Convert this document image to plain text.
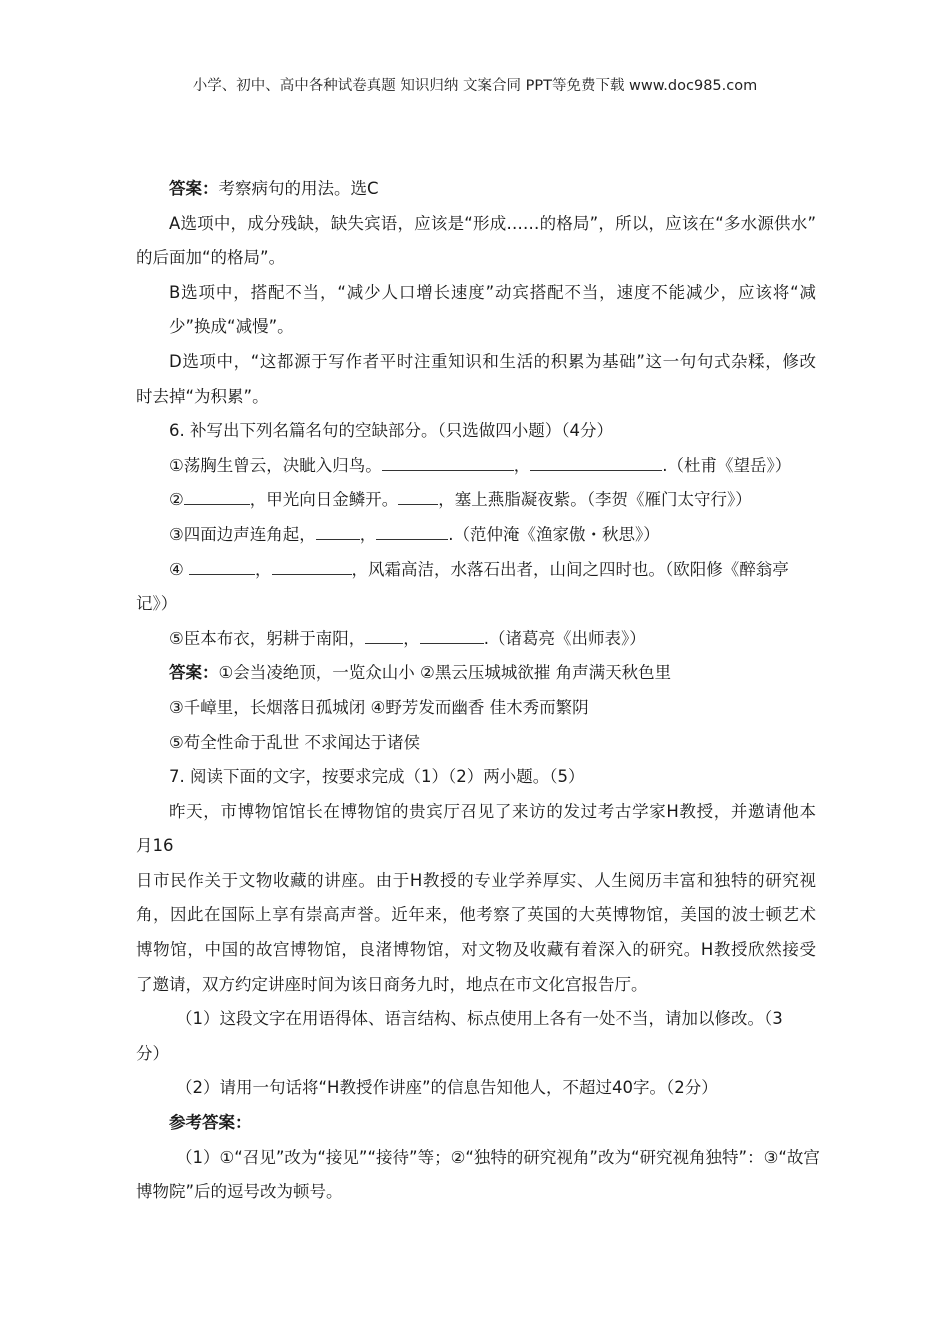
小学、初中、高中各种试卷真题 知识归纳 文案合同 PPT等免费下载 www.doc985.com
答案：考察病句的用法。选C
A选项中，成分残缺，缺失宾语，应该是“形成……的格局”，所以，应该在“多水源供水”
的后面加“的格局”。
B选项中，搭配不当，“减少人口增长速度”动宾搭配不当，速度不能减少，应该将“减
少”换成“减慢”。
D选项中，“这都源于写作者平时注重知识和生活的积累为基础”这一句句式杂糅，修改
时去掉“为积累”。
6. 补写出下列名篇名句的空缺部分。（只选做四小题）（4分）
①荡胸生曾云，决眦入归鸟。	，	.（杜甫《望岳》）
②	，甲光向日金鳞开。 ，塞上燕脂凝夜紫。（李贺《雁门太守行》）
③四面边声连角起，	，	.（范仲淹《渔家傲・秋思》）
④	，	，风霜高洁，水落石出者，山间之四时也。（欧阳修《醉翁亭
记》）
⑤臣本布衣，躬耕于南阳， ，	.（诸葛亮《出师表》）
答案：①会当凌绝顶，一览众山小 ②黑云压城城欲摧 角声满天秋色里
③千嶂里，长烟落日孤城闭 ④野芳发而幽香 佳木秀而繁阴
⑤苟全性命于乱世 不求闻达于诸侯
7. 阅读下面的文字，按要求完成（1）（2）两小题。（5）
昨天，市博物馆馆长在博物馆的贵宾厅召见了来访的发过考古学家H教授，并邀请他本
月16
日市民作关于文物收藏的讲座。由于H教授的专业学养厚实、人生阅历丰富和独特的研究视
角，因此在国际上享有崇高声誉。近年来，他考察了英国的大英博物馆，美国的波士顿艺术
博物馆，中国的故宫博物馆，良渚博物馆，对文物及收藏有着深入的研究。H教授欣然接受
了邀请，双方约定讲座时间为该日商务九时，地点在市文化宫报告厅。
（1）这段文字在用语得体、语言结构、标点使用上各有一处不当，请加以修改。（3
分）
（2）请用一句话将“H教授作讲座”的信息告知他人，不超过40字。（2分）
参考答案：
（1）①“召见”改为“接见”“接待”等；②“独特的研究视角”改为“研究视角独特”：③“故宫
博物院”后的逗号改为顿号。
